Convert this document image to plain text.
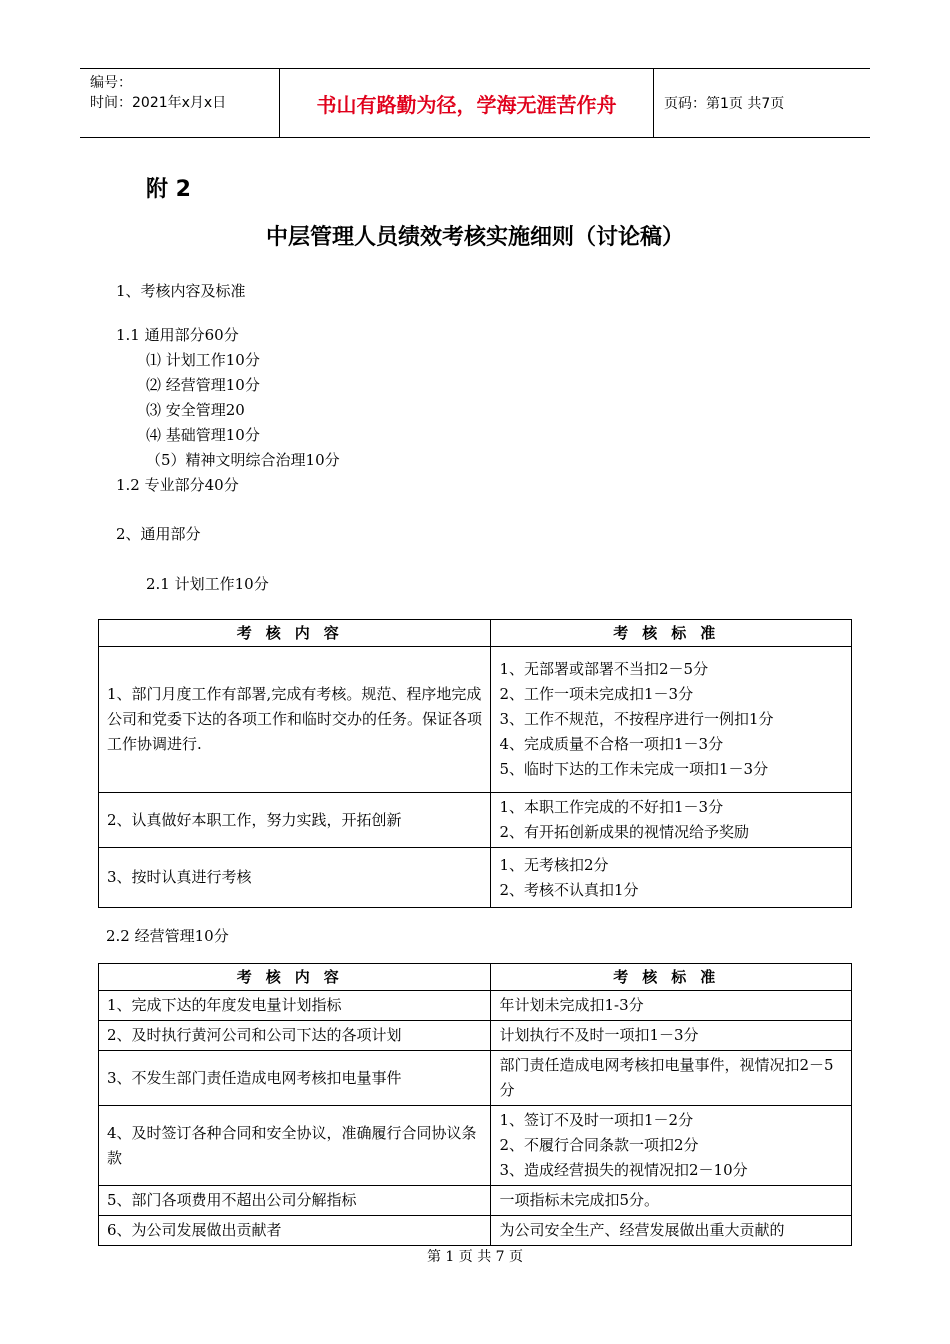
编号：
时间：2021年x月x日	书山有路勤为径，学海无涯苦作舟	页码：第1页 共7页
附 2
中层管理人员绩效考核实施细则（讨论稿）
1、考核内容及标准
1.1 通用部分60分
⑴ 计划工作10分
⑵ 经营管理10分
⑶ 安全管理20
⑷ 基础管理10分
（5）精神文明综合治理10分
1.2 专业部分40分
2、通用部分
2.1 计划工作10分
考核内容	考核标准
1、部门月度工作有部署,完成有考核。规范、程序地完成公司和党委下达的各项工作和临时交办的任务。保证各项工作协调进行.	1、无部署或部署不当扣2－5分
2、工作一项未完成扣1－3分
3、工作不规范，不按程序进行一例扣1分
4、完成质量不合格一项扣1－3分
5、临时下达的工作未完成一项扣1－3分

2、认真做好本职工作，努力实践，开拓创新	1、本职工作完成的不好扣1－3分
2、有开拓创新成果的视情况给予奖励

3、按时认真进行考核	1、无考核扣2分
2、考核不认真扣1分
2.2 经营管理10分
考核内容	考核标准
1、完成下达的年度发电量计划指标	年计划未完成扣1-3分

2、及时执行黄河公司和公司下达的各项计划	计划执行不及时一项扣1－3分

3、不发生部门责任造成电网考核扣电量事件	部门责任造成电网考核扣电量事件，视情况扣2－5分

4、及时签订各种合同和安全协议，准确履行合同协议条款	1、签订不及时一项扣1－2分
2、不履行合同条款一项扣2分
3、造成经营损失的视情况扣2－10分

5、部门各项费用不超出公司分解指标	一项指标未完成扣5分。

6、为公司发展做出贡献者	为公司安全生产、经营发展做出重大贡献的
第 1 页 共 7 页
